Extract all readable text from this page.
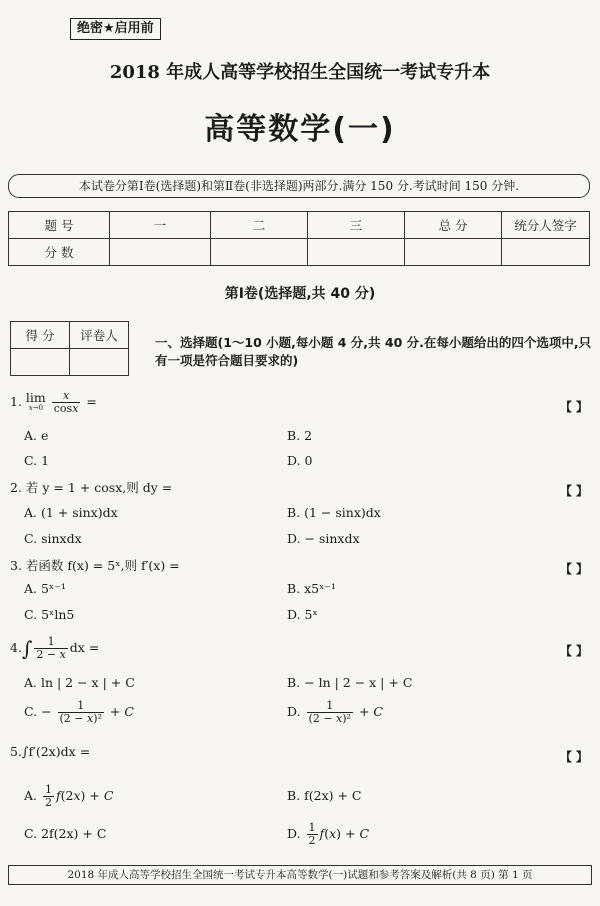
绝密★启用前
2018 年成人高等学校招生全国统一考试专升本
高等数学(一)
本试卷分第Ⅰ卷(选择题)和第Ⅱ卷(非选择题)两部分.满分 150 分.考试时间 150 分钟.
题 号	一	二	三	总 分	统分人签字
分 数					
第Ⅰ卷(选择题,共 40 分)
得 分	评卷人
		一、选择题(1～10 小题,每小题 4 分,共 40 分.在每小题给出的四个选项中,只有一项是符合题目要求的)
1. lim
x→0
$\frac{x}{\cos x}$ =	【 】
A. e	B. 2
C. 1	D. 0
2. 若 y = 1 + cosx,则 dy =	【 】
A. (1 + sinx)dx	B. (1 − sinx)dx
C. sinxdx	D. − sinxdx
3. 若函数 f(x) = 5ˣ,则 f′(x) =	【 】
A. 5ˣ⁻¹	B. x5ˣ⁻¹
C. 5ˣln5	D. 5ˣ
$4.\int \frac{1}{2 - x}$ dx =	【 】
A. ln | 2 − x | + C	B. − ln | 2 − x | + C
C. − $\frac{1}{\text{(2 − x)²}} + C$	D. $\frac{1}{\text{(2 − x)²}} + C$
5.∫f′(2x)dx =	【 】
A. $\frac{1}{2} f(2x) + C$	B. f(2x) + C
C. 2f(2x) + C	D. $\frac{1}{2} f(x) + C$
2018 年成人高等学校招生全国统一考试专升本高等数学(一)试题和参考答案及解析(共 8 页) 第 1 页
